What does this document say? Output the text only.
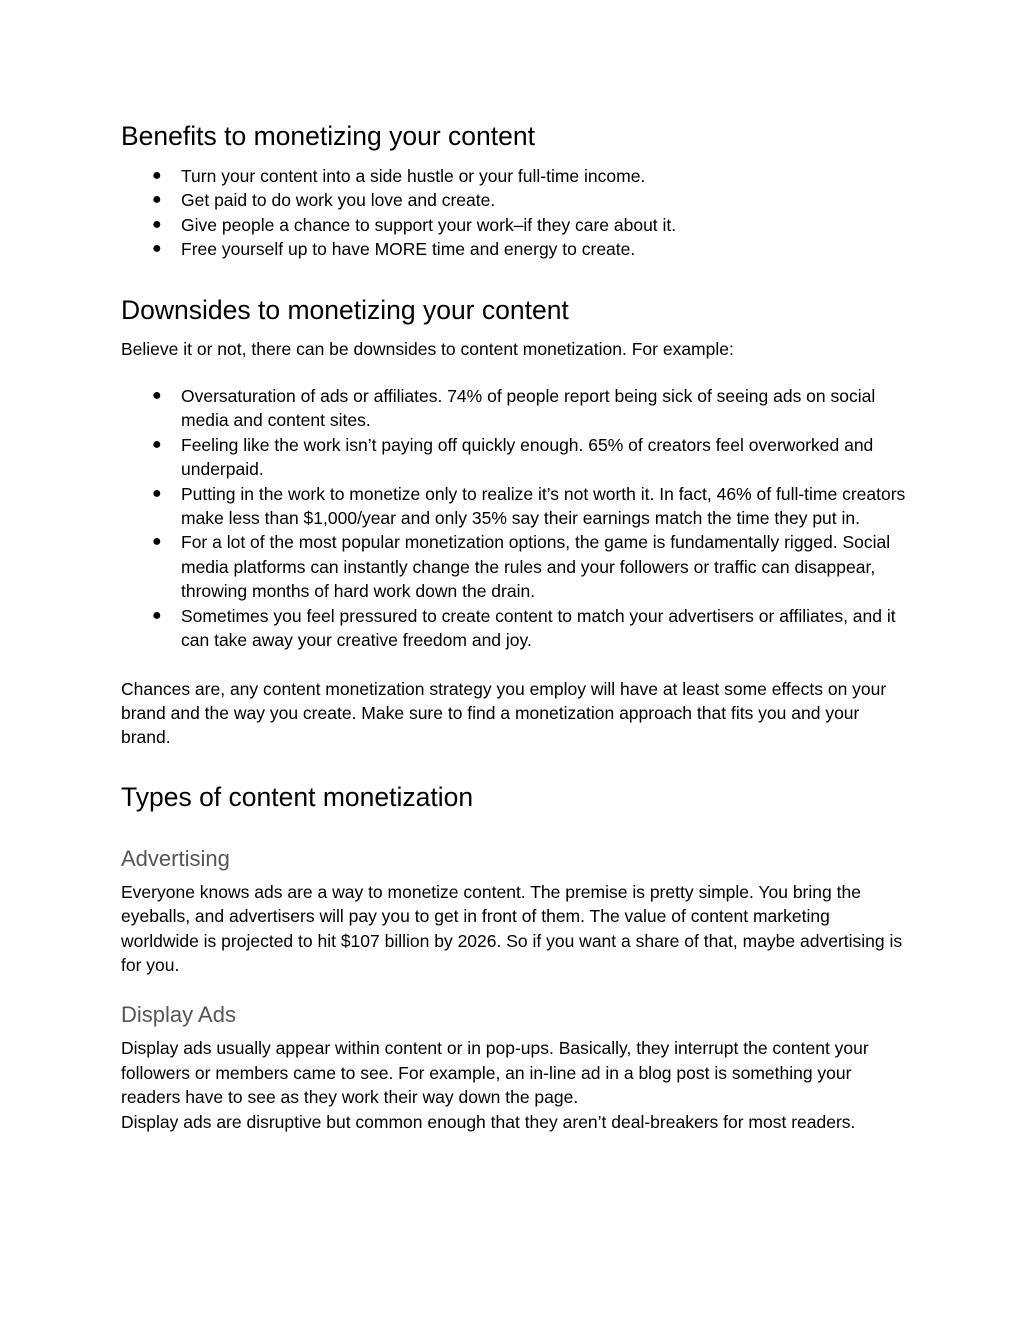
Benefits to monetizing your content
● Turn your content into a side hustle or your full-time income.
● Get paid to do work you love and create.
● Give people a chance to support your work–if they care about it.
● Free yourself up to have MORE time and energy to create.
Downsides to monetizing your content

Believe it or not, there can be downsides to content monetization. For example:

● Oversaturation of ads or affiliates. 74% of people report being sick of seeing ads on social media and content sites.
● Feeling like the work isn’t paying off quickly enough. 65% of creators feel overworked and underpaid.
● Putting in the work to monetize only to realize it’s not worth it. In fact, 46% of full-time creators make less than $1,000/year and only 35% say their earnings match the time they put in.
● For a lot of the most popular monetization options, the game is fundamentally rigged. Social media platforms can instantly change the rules and your followers or traffic can disappear, throwing months of hard work down the drain.
● Sometimes you feel pressured to create content to match your advertisers or affiliates, and it can take away your creative freedom and joy.

Chances are, any content monetization strategy you employ will have at least some effects on your brand and the way you create. Make sure to find a monetization approach that fits you and your brand.

Types of content monetization
Advertising

Everyone knows ads are a way to monetize content. The premise is pretty simple. You bring the eyeballs, and advertisers will pay you to get in front of them. The value of content marketing worldwide is projected to hit $107 billion by 2026. So if you want a share of that, maybe advertising is for you.

Display Ads

Display ads usually appear within content or in pop-ups. Basically, they interrupt the content your followers or members came to see. For example, an in-line ad in a blog post is something your readers have to see as they work their way down the page.

Display ads are disruptive but common enough that they aren’t deal-breakers for most readers.
